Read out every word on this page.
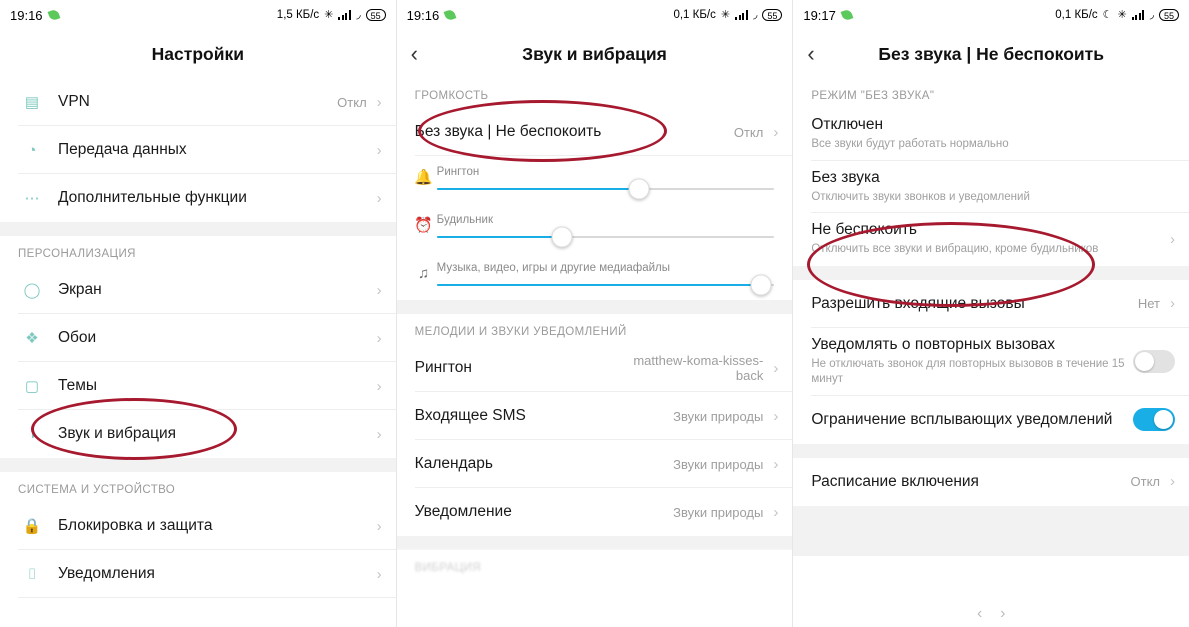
19:16	1,5 КБ/с ✳ ◞	55
Настройки
▤	VPN	Откл ›
◔	Передача данных	›
⋯	Дополнительные функции	›
ПЕРСОНАЛИЗАЦИЯ
◯	Экран	›
❖	Обои	›
▢	Темы	›
◑	Звук и вибрация	›
СИСТЕМА И УСТРОЙСТВО
🔒	Блокировка и защита	›
⌷	Уведомления	›
19:16	0,1 КБ/с ✳ ◞	55
‹	Звук и вибрация
ГРОМКОСТЬ
Без звука | Не беспокоить	Откл ›
🔔 Рингтон
⏰ Будильник
♫ Музыка, видео, игры и другие медиафайлы
МЕЛОДИИ И ЗВУКИ УВЕДОМЛЕНИЙ
Рингтон	matthew-koma-kisses-back ›
Входящее SMS	Звуки природы ›
Календарь	Звуки природы ›
Уведомление	Звуки природы ›
ВИБРАЦИЯ
19:17	0,1 КБ/с ☾ ✳ ◞	55
‹	Без звука | Не беспокоить
РЕЖИМ "БЕЗ ЗВУКА"
Отключен
Все звуки будут работать нормально
Без звука
Отключить звуки звонков и уведомлений
Не беспокоить
Отключить все звуки и вибрацию, кроме будильников
›
Разрешить входящие вызовы	Нет ›
Уведомлять о повторных вызовах
Не отключать звонок для повторных вызовов в течение 15 минут
Ограничение всплывающих уведомлений
Расписание включения	Откл ›
‹    ›
